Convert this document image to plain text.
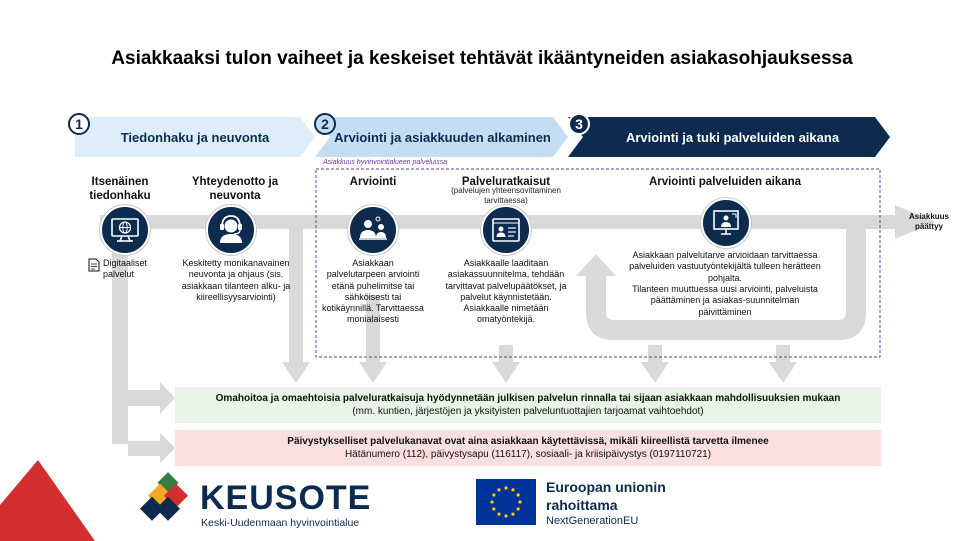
Asiakkaaksi tulon vaiheet ja keskeiset tehtävät ikääntyneiden asiakasohjauksessa
1
Tiedonhaku ja neuvonta
2
Arviointi ja asiakkuuden alkaminen
3
Arviointi ja tuki palveluiden aikana
Asiakkuus hyvinvointialueen palveluissa
Asiakkuus päättyy
Itsenäinen tiedonhaku
Digitaaliset palvelut
Yhteydenotto ja neuvonta
Keskitetty monikanavainen neuvonta ja ohjaus (sis. asiakkaan tilanteen alku- ja kiireellisyysarviointi)
Arviointi
Asiakkaan palvelutarpeen arviointi etänä puhelimitse tai sähköisesti tai kotikäynnillä. Tarvittaessa monialaisesti
Palveluratkaisut
(palvelujen yhteensovittaminen tarvittaessa)
Asiakkaalle laaditaan asiakassuunnitelma, tehdään tarvittavat palvelupäätökset, ja palvelut käynnistetään. Asiakkaalle nimetään omatyöntekijä.
Arviointi palveluiden aikana
Asiakkaan palvelutarve arvioidaan tarvittaessa palveluiden vastuutyöntekijältä tulleen herätteen pohjalta.
Tilanteen muuttuessa uusi arviointi, palveluista päättäminen ja asiakas-suunnitelman päivittäminen
Omahoitoa ja omaehtoisia palveluratkaisuja hyödynnetään julkisen palvelun rinnalla tai sijaan asiakkaan mahdollisuuksien mukaan
(mm. kuntien, järjestöjen ja yksityisten palveluntuottajien tarjoamat vaihtoehdot)
Päivystykselliset palvelukanavat ovat aina asiakkaan käytettävissä, mikäli kiireellistä tarvetta ilmenee
Hätänumero (112), päivystysapu (116117), sosiaali- ja kriisipäivystys (0197110721)
KEUSOTE
Keski-Uudenmaan hyvinvointialue
Euroopan unionin
rahoittama
NextGenerationEU
